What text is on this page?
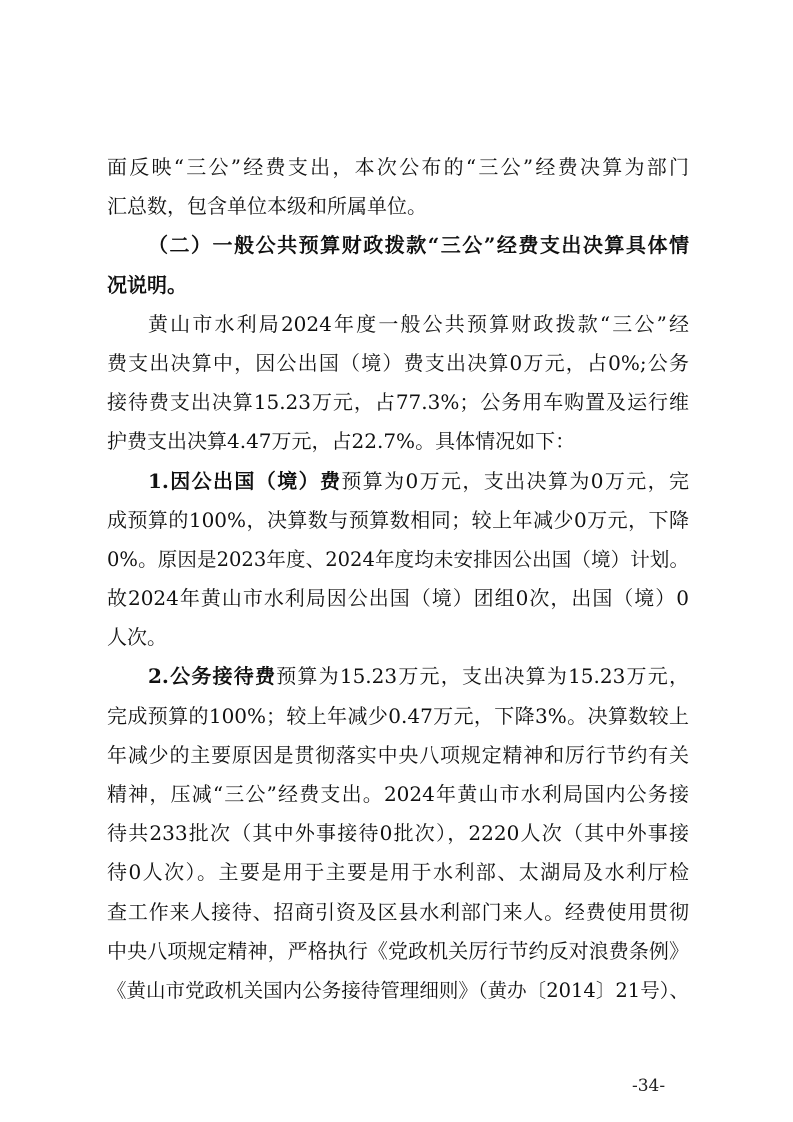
面反映“三公”经费支出，本次公布的“三公”经费决算为部门
汇总数，包含单位本级和所属单位。
（二）一般公共预算财政拨款“三公”经费支出决算具体情
况说明。
黄山市水利局2024年度一般公共预算财政拨款“三公”经
费支出决算中，因公出国（境）费支出决算0万元，占0%;公务
接待费支出决算15.23万元，占77.3%；公务用车购置及运行维
护费支出决算4.47万元，占22.7%。具体情况如下：
1.因公出国（境）费预算为0万元，支出决算为0万元，完
成预算的100%，决算数与预算数相同；较上年减少0万元，下降
0%。原因是2023年度、2024年度均未安排因公出国（境）计划。
故2024年黄山市水利局因公出国（境）团组0次，出国（境）0
人次。
2.公务接待费预算为15.23万元，支出决算为15.23万元，
完成预算的100%；较上年减少0.47万元，下降3%。决算数较上
年减少的主要原因是贯彻落实中央八项规定精神和厉行节约有关
精神，压减“三公”经费支出。2024年黄山市水利局国内公务接
待共233批次（其中外事接待0批次），2220人次（其中外事接
待0人次）。主要是用于主要是用于水利部、太湖局及水利厅检
查工作来人接待、招商引资及区县水利部门来人。经费使用贯彻
中央八项规定精神，严格执行《党政机关厉行节约反对浪费条例》
《黄山市党政机关国内公务接待管理细则》（黄办〔2014〕21号）、
-34-
